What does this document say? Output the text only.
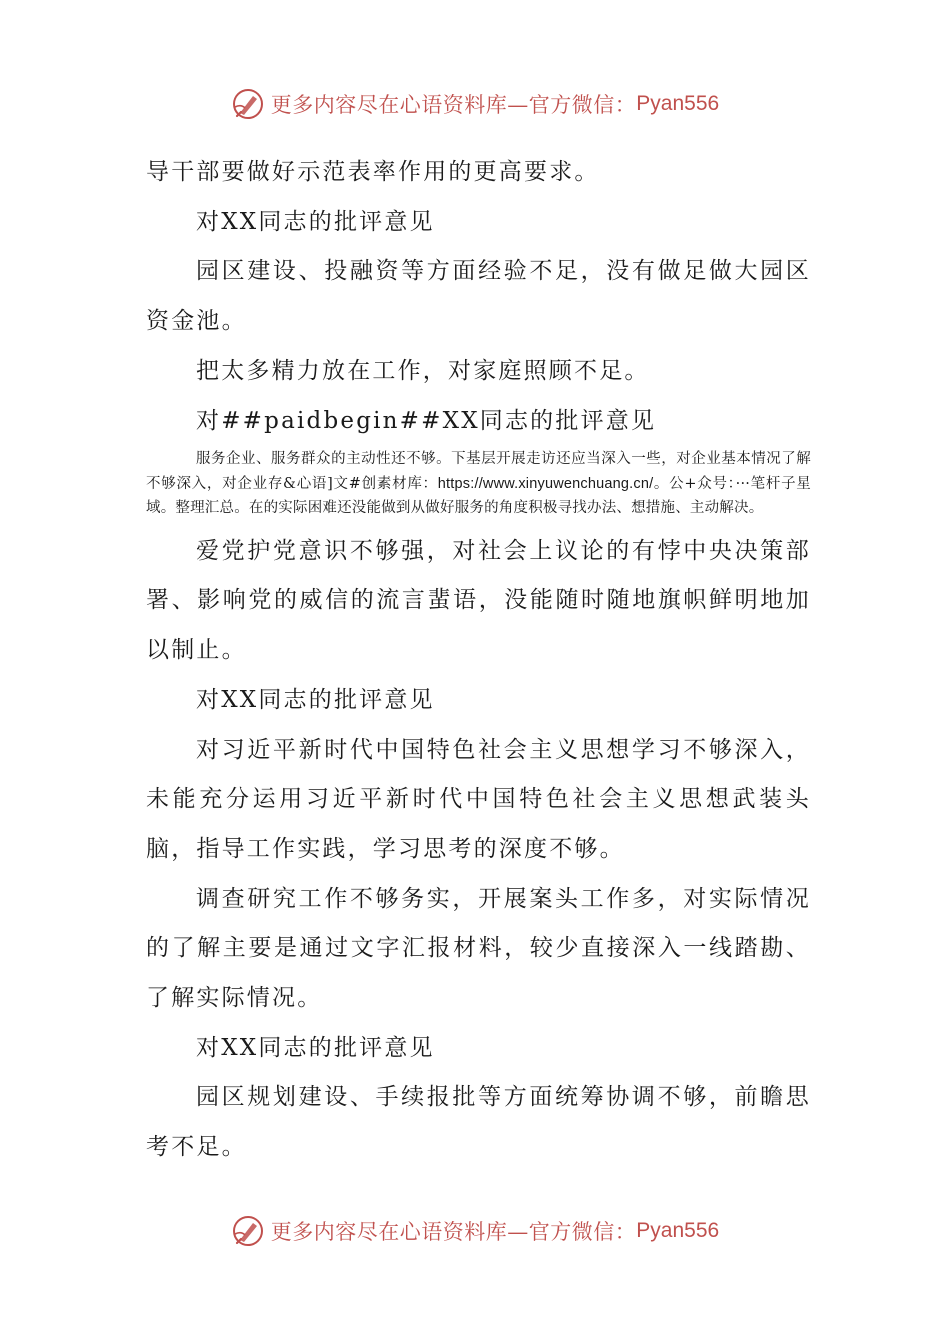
更多内容尽在心语资料库—官方微信： Pyan556

导干部要做好示范表率作用的更高要求。

对XX同志的批评意见

园区建设、投融资等方面经验不足，没有做足做大园区资金池。

把太多精力放在工作，对家庭照顾不足。

对##paidbegin##XX同志的批评意见

服务企业、服务群众的主动性还不够。下基层开展走访还应当深入一些，对企业基本情况了解不够深入，对企业存&心语]文#创素材库：https://www.xinyuwenchuang.cn/。公+众号：···笔杆子星域。整理汇总。在的实际困难还没能做到从做好服务的角度积极寻找办法、想措施、主动解决。

爱党护党意识不够强，对社会上议论的有悖中央决策部署、影响党的威信的流言蜚语，没能随时随地旗帜鲜明地加以制止。

对XX同志的批评意见

对习近平新时代中国特色社会主义思想学习不够深入，未能充分运用习近平新时代中国特色社会主义思想武装头脑，指导工作实践，学习思考的深度不够。

调查研究工作不够务实，开展案头工作多，对实际情况的了解主要是通过文字汇报材料，较少直接深入一线踏勘、了解实际情况。

对XX同志的批评意见

园区规划建设、手续报批等方面统筹协调不够，前瞻思考不足。

更多内容尽在心语资料库—官方微信： Pyan556
